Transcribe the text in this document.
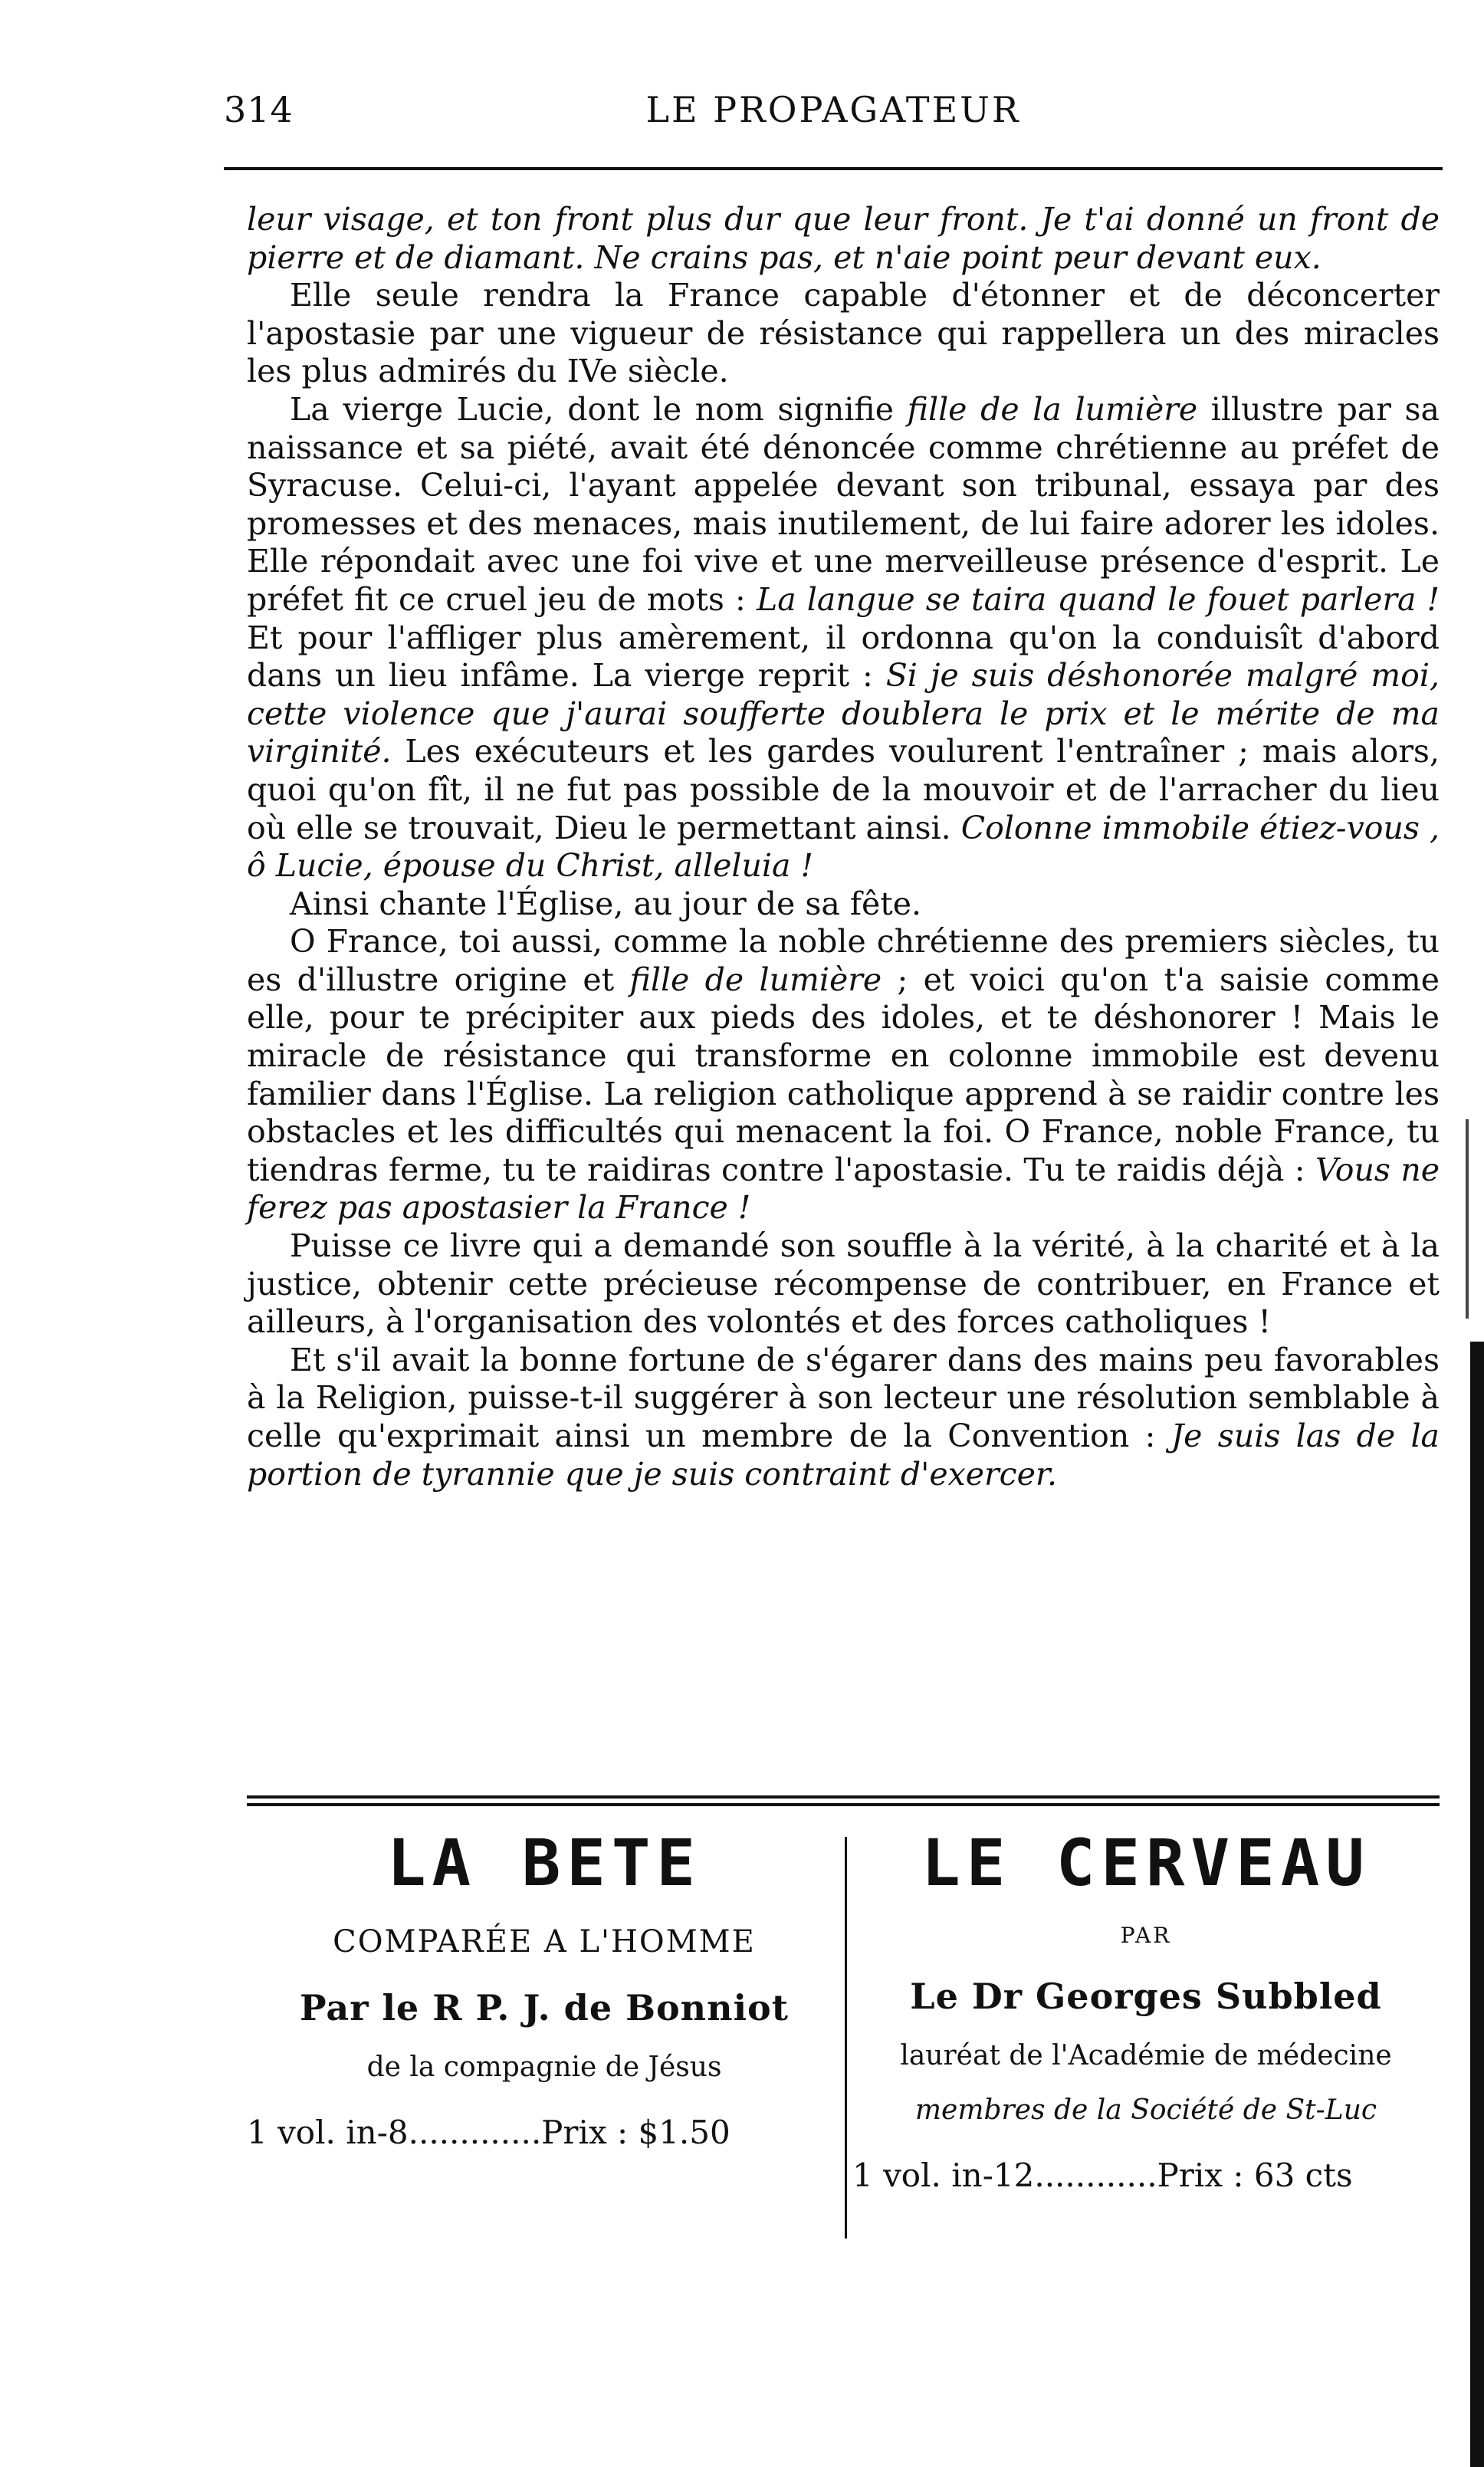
314	LE PROPAGATEUR

leur visage, et ton front plus dur que leur front. Je t'ai donné un front de pierre et de diamant. Ne crains pas, et n'aie point peur devant eux.

Elle seule rendra la France capable d'étonner et de déconcerter l'apostasie par une vigueur de résistance qui rappellera un des miracles les plus admirés du IVe siècle.

La vierge Lucie, dont le nom signifie fille de la lumière illustre par sa naissance et sa piété, avait été dénoncée comme chrétienne au préfet de Syracuse. Celui-ci, l'ayant appelée devant son tribunal, essaya par des promesses et des menaces, mais inutilement, de lui faire adorer les idoles. Elle répondait avec une foi vive et une merveilleuse présence d'esprit. Le préfet fit ce cruel jeu de mots : La langue se taira quand le fouet parlera ! Et pour l'affliger plus amèrement, il ordonna qu'on la conduisît d'abord dans un lieu infâme. La vierge reprit : Si je suis déshonorée malgré moi, cette violence que j'aurai soufferte doublera le prix et le mérite de ma virginité. Les exécuteurs et les gardes voulurent l'entraîner ; mais alors, quoi qu'on fît, il ne fut pas possible de la mouvoir et de l'arracher du lieu où elle se trouvait, Dieu le permettant ainsi. Colonne immobile étiez-vous , ô Lucie, épouse du Christ, alleluia !

Ainsi chante l'Église, au jour de sa fête.

O France, toi aussi, comme la noble chrétienne des premiers siècles, tu es d'illustre origine et fille de lumière ; et voici qu'on t'a saisie comme elle, pour te précipiter aux pieds des idoles, et te déshonorer ! Mais le miracle de résistance qui transforme en colonne immobile est devenu familier dans l'Église. La religion catholique apprend à se raidir contre les obstacles et les difficultés qui menacent la foi. O France, noble France, tu tiendras ferme, tu te raidiras contre l'apostasie. Tu te raidis déjà : Vous ne ferez pas apostasier la France !

Puisse ce livre qui a demandé son souffle à la vérité, à la charité et à la justice, obtenir cette précieuse récompense de contribuer, en France et ailleurs, à l'organisation des volontés et des forces catholiques !

Et s'il avait la bonne fortune de s'égarer dans des mains peu favorables à la Religion, puisse-t-il suggérer à son lecteur une résolution semblable à celle qu'exprimait ainsi un membre de la Convention : Je suis las de la portion de tyrannie que je suis contraint d'exercer.

LA BETE
COMPARÉE A L'HOMME
Par le R P. J. de Bonniot
de la compagnie de Jésus
1 vol. in-8.............Prix : $1.50
LE CERVEAU
PAR
Le Dr Georges Subbled
lauréat de l'Académie de médecine
membres de la Société de St-Luc
1 vol. in-12............Prix : 63 cts
